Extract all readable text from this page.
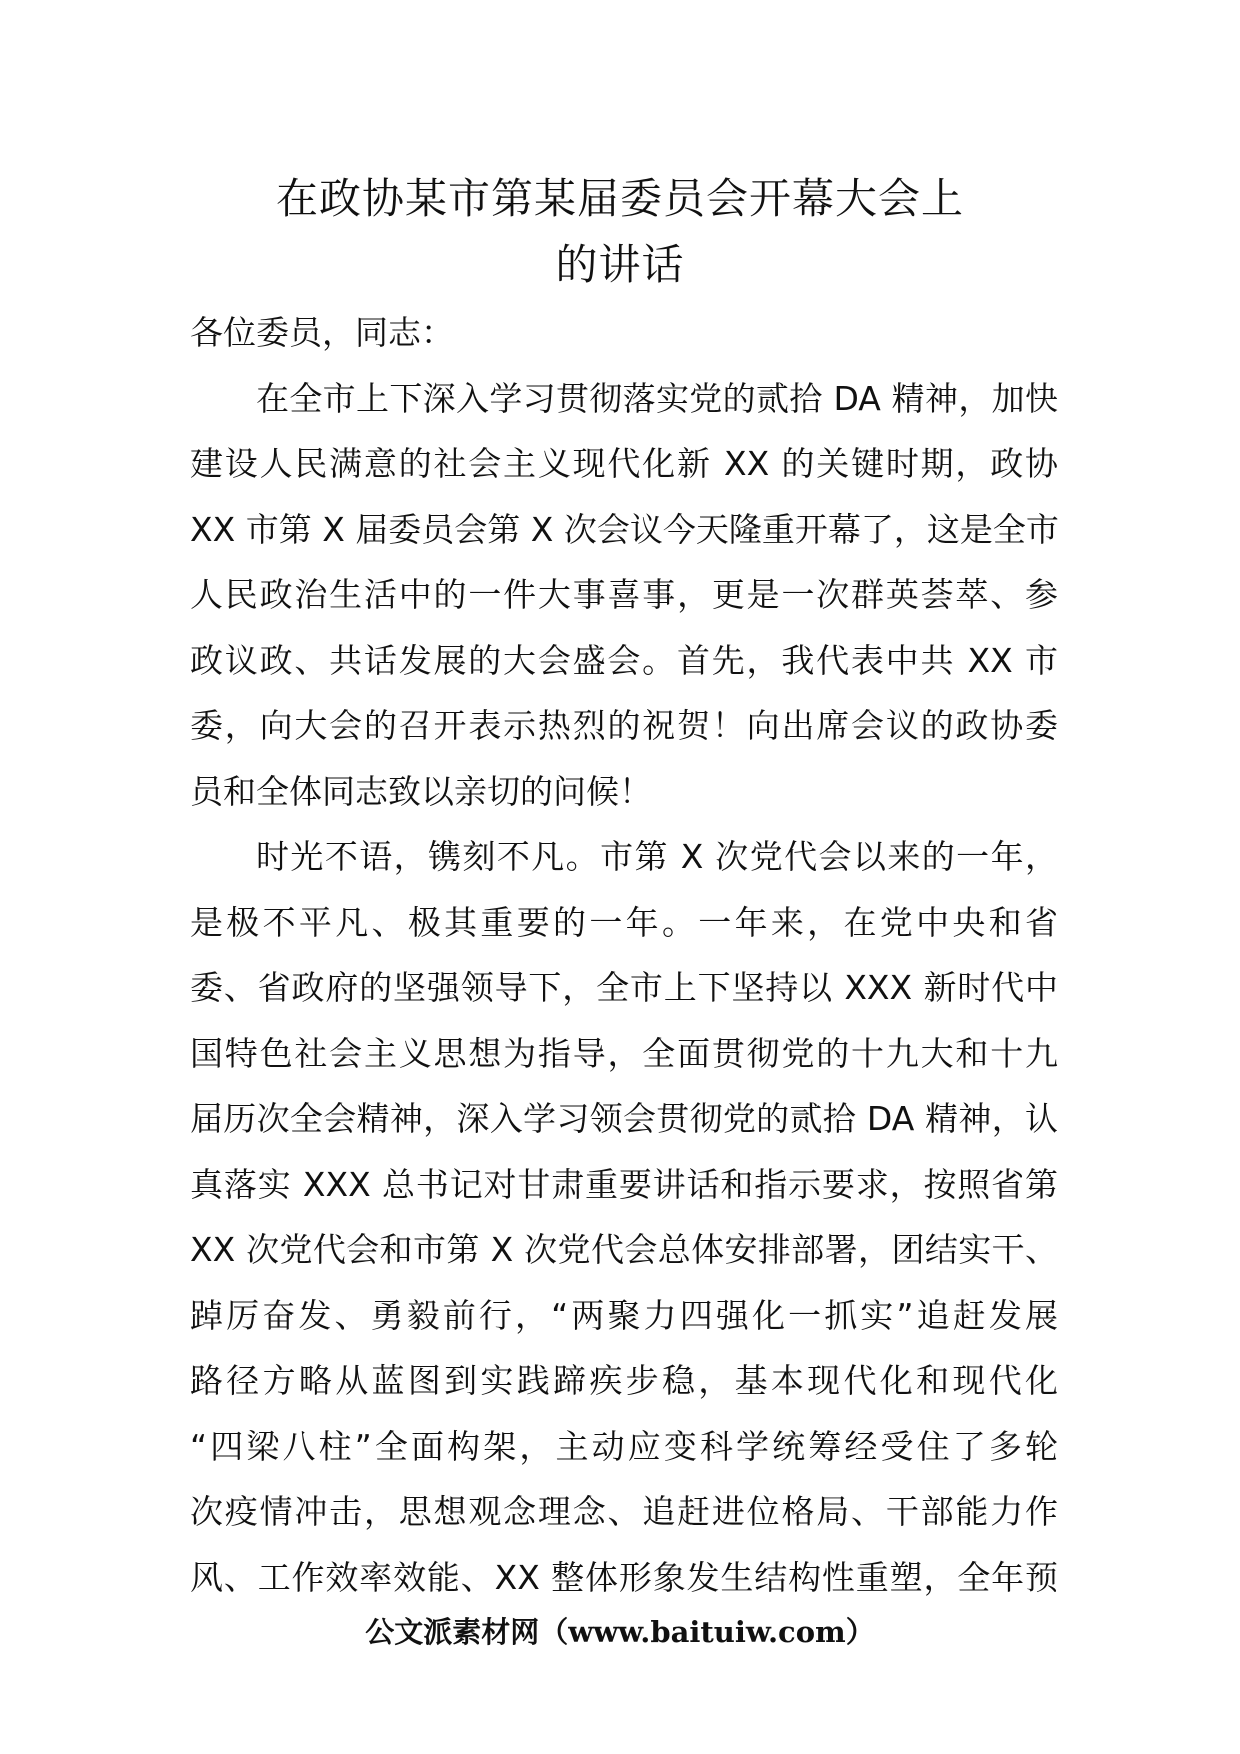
在政协某市第某届委员会开幕大会上
的讲话
各位委员，同志：
在全市上下深入学习贯彻落实党的贰拾 DA 精神，加快
建设人民满意的社会主义现代化新 XX 的关键时期，政协
XX 市第 X 届委员会第 X 次会议今天隆重开幕了，这是全市
人民政治生活中的一件大事喜事，更是一次群英荟萃、参
政议政、共话发展的大会盛会。首先，我代表中共 XX 市
委，向大会的召开表示热烈的祝贺！向出席会议的政协委
员和全体同志致以亲切的问候！
时光不语，镌刻不凡。市第 X 次党代会以来的一年，
是极不平凡、极其重要的一年。一年来，在党中央和省
委、省政府的坚强领导下，全市上下坚持以 XXX 新时代中
国特色社会主义思想为指导，全面贯彻党的十九大和十九
届历次全会精神，深入学习领会贯彻党的贰拾 DA 精神，认
真落实 XXX 总书记对甘肃重要讲话和指示要求，按照省第
XX 次党代会和市第 X 次党代会总体安排部署，团结实干、
踔厉奋发、勇毅前行，“两聚力四强化一抓实”追赶发展
路径方略从蓝图到实践蹄疾步稳，基本现代化和现代化
“四梁八柱”全面构架，主动应变科学统筹经受住了多轮
次疫情冲击，思想观念理念、追赶进位格局、干部能力作
风、工作效率效能、XX 整体形象发生结构性重塑，全年预
公文派素材网（www.baituiw.com）
